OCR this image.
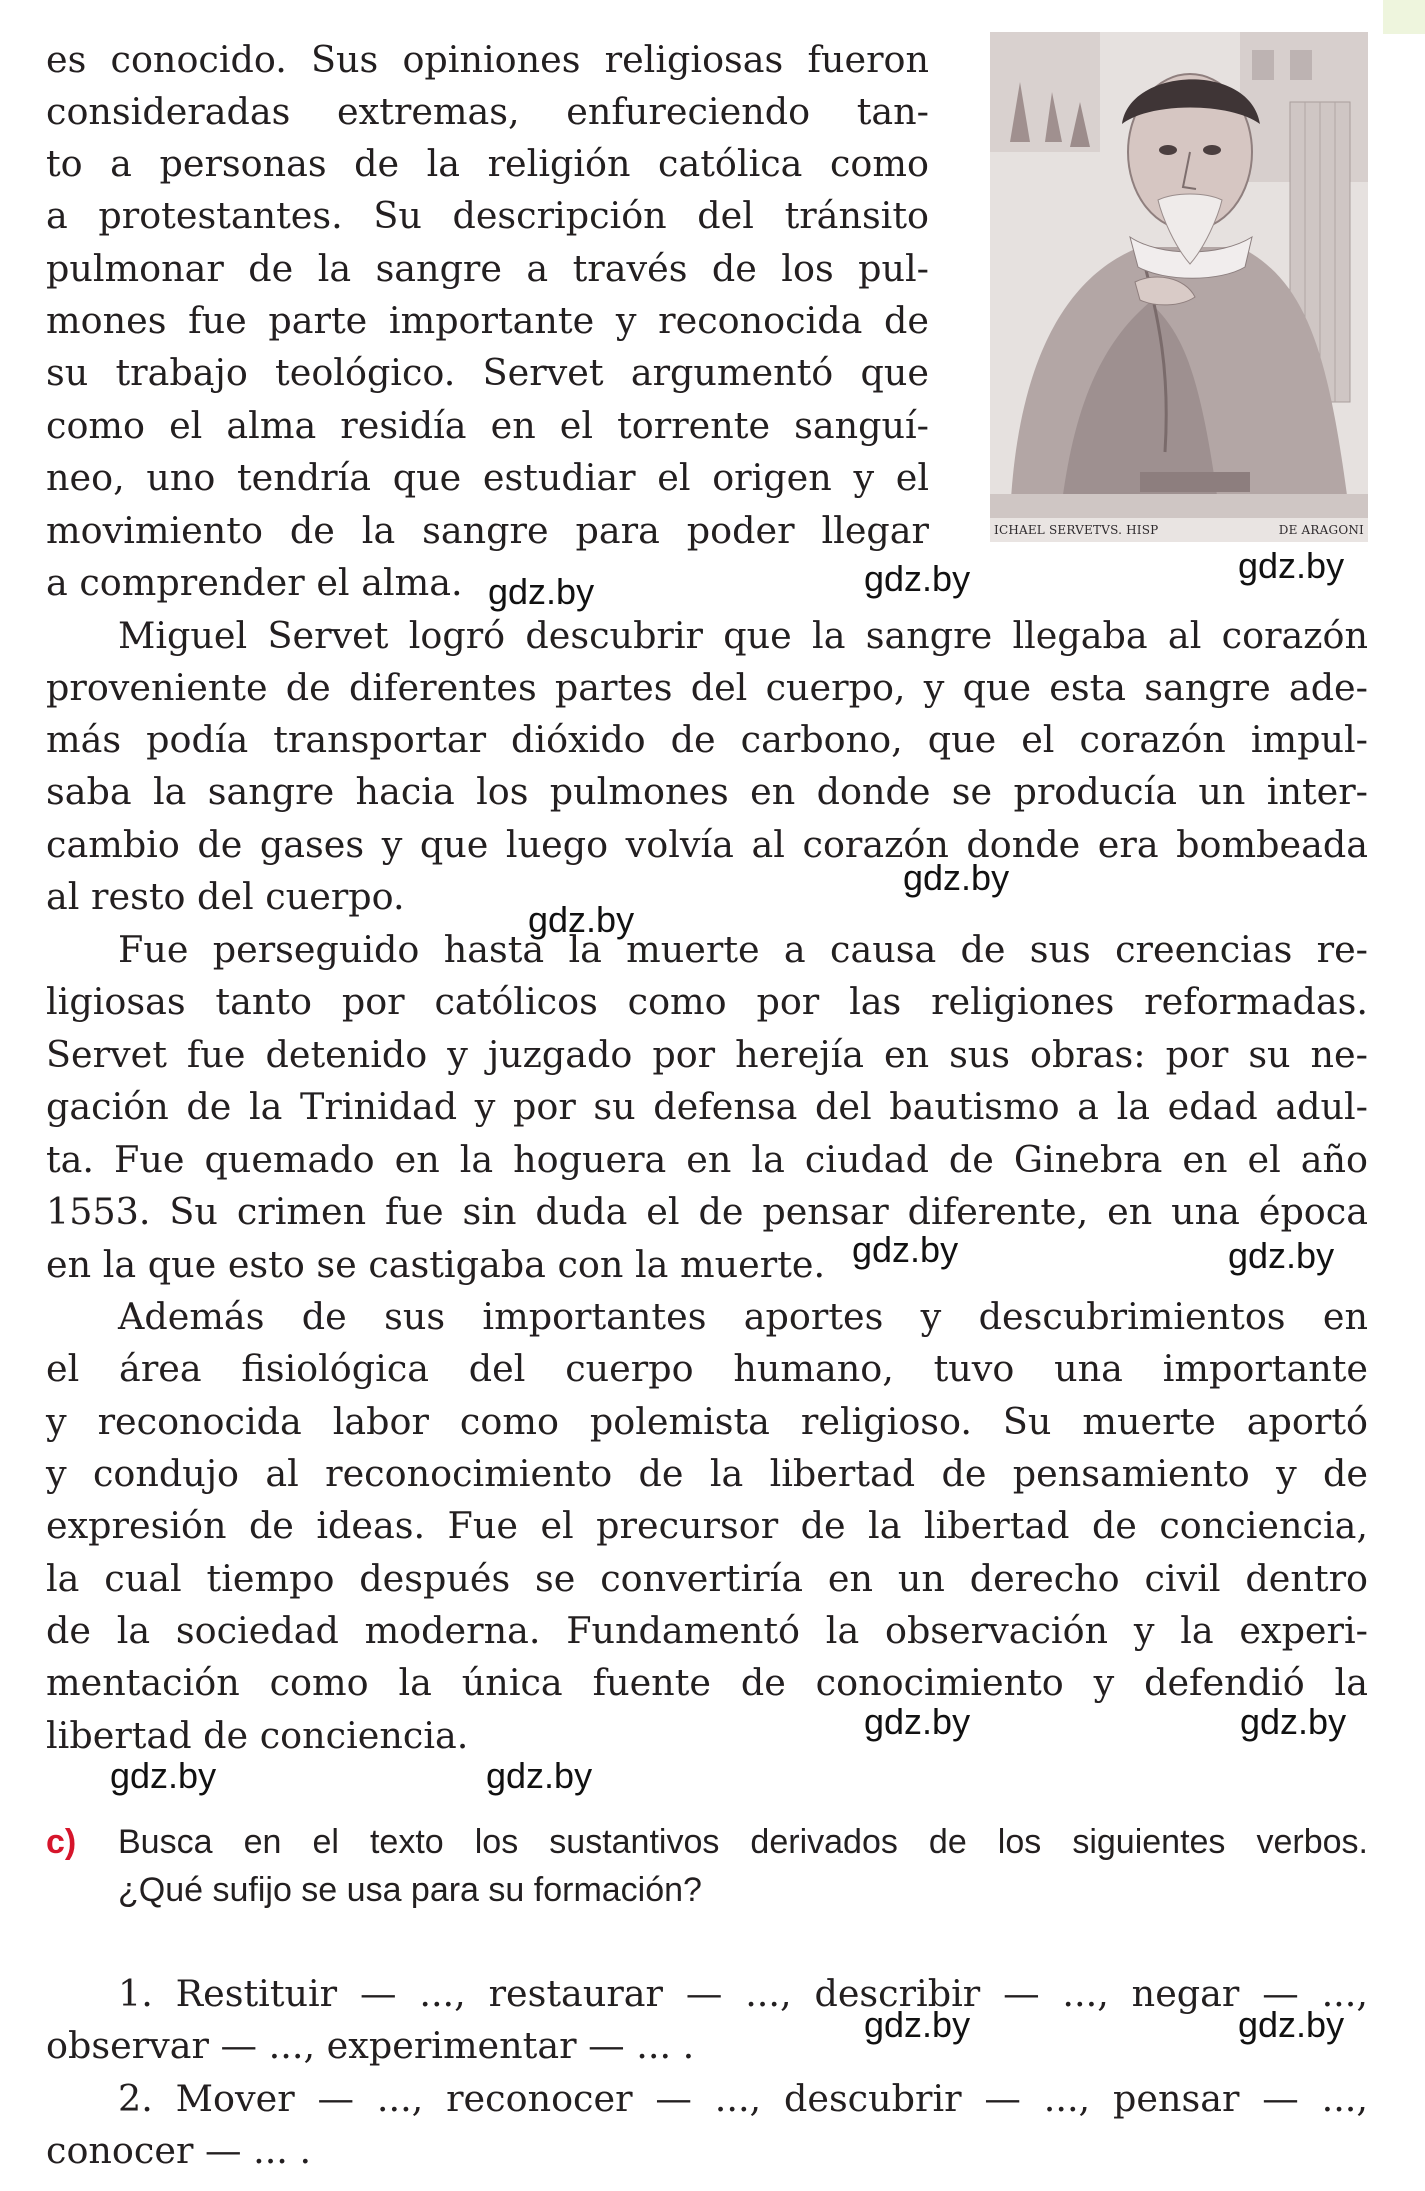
ICHAEL SERVETVS. HISP	DE ARAGONI
es conocido. Sus opiniones religiosas fueron
consideradas extremas, enfureciendo tan-
to a personas de la religión católica como
a protestantes. Su descripción del tránsito
pulmonar de la sangre a través de los pul-
mones fue parte importante y reconocida de
su trabajo teológico. Servet argumentó que
como el alma residía en el torrente sanguí-
neo, uno tendría que estudiar el origen y el
movimiento de la sangre para poder llegar
a comprender el alma.
Miguel Servet logró descubrir que la sangre llegaba al corazón
proveniente de diferentes partes del cuerpo, y que esta sangre ade-
más podía transportar dióxido de carbono, que el corazón impul-
saba la sangre hacia los pulmones en donde se producía un inter-
cambio de gases y que luego volvía al corazón donde era bombeada
al resto del cuerpo.
Fue perseguido hasta la muerte a causa de sus creencias re-
ligiosas tanto por católicos como por las religiones reformadas.
Servet fue detenido y juzgado por herejía en sus obras: por su ne-
gación de la Trinidad y por su defensa del bautismo a la edad adul-
ta. Fue quemado en la hoguera en la ciudad de Ginebra en el año
1553. Su crimen fue sin duda el de pensar diferente, en una época
en la que esto se castigaba con la muerte.
Además de sus importantes aportes y descubrimientos en
el área fisiológica del cuerpo humano, tuvo una importante
y reconocida labor como polemista religioso. Su muerte aportó
y condujo al reconocimiento de la libertad de pensamiento y de
expresión de ideas. Fue el precursor de la libertad de conciencia,
la cual tiempo después se convertiría en un derecho civil dentro
de la sociedad moderna. Fundamentó la observación y la experi-
mentación como la única fuente de conocimiento y defendió la
libertad de conciencia.
c) Busca en el texto los sustantivos derivados de los siguientes verbos.
¿Qué sufijo se usa para su formación?
1. Restituir — ..., restaurar — ..., describir — ..., negar — ...,
observar — ..., experimentar — ... .
2. Mover — ..., reconocer — ..., descubrir — ..., pensar — ...,
conocer — ... .
gdz.by	gdz.by	gdz.by
gdz.by
gdz.by
gdz.by	gdz.by
gdz.by	gdz.by
gdz.by	gdz.by
gdz.by	gdz.by
